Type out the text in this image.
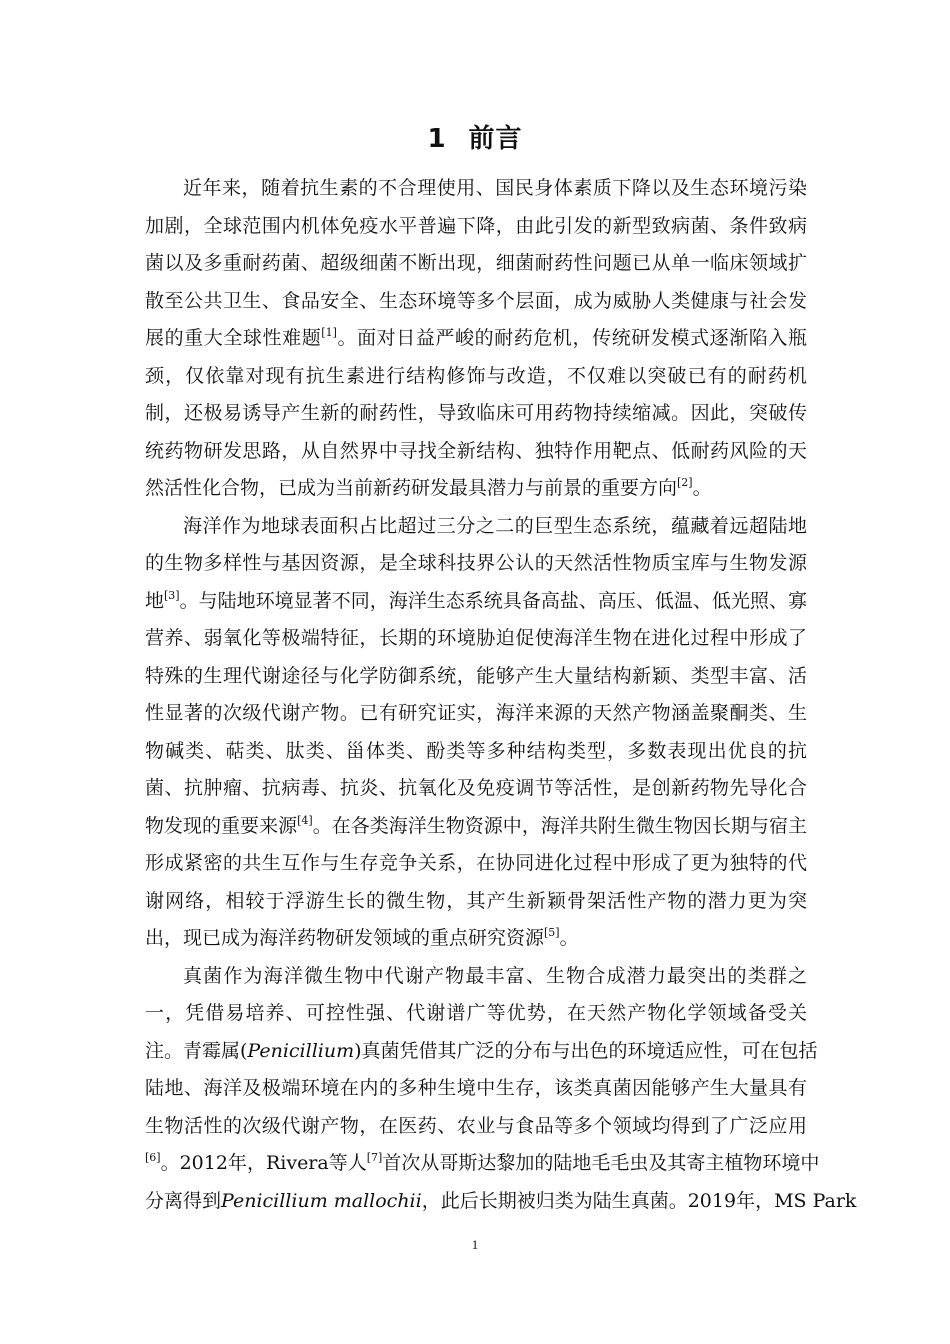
1 前言
近年来，随着抗生素的不合理使用、国民身体素质下降以及生态环境污染
加剧，全球范围内机体免疫水平普遍下降，由此引发的新型致病菌、条件致病
菌以及多重耐药菌、超级细菌不断出现，细菌耐药性问题已从单一临床领域扩
散至公共卫生、食品安全、生态环境等多个层面，成为威胁人类健康与社会发
展的重大全球性难题[1]。面对日益严峻的耐药危机，传统研发模式逐渐陷入瓶
颈，仅依靠对现有抗生素进行结构修饰与改造，不仅难以突破已有的耐药机
制，还极易诱导产生新的耐药性，导致临床可用药物持续缩减。因此，突破传
统药物研发思路，从自然界中寻找全新结构、独特作用靶点、低耐药风险的天
然活性化合物，已成为当前新药研发最具潜力与前景的重要方向[2]。
海洋作为地球表面积占比超过三分之二的巨型生态系统，蕴藏着远超陆地
的生物多样性与基因资源，是全球科技界公认的天然活性物质宝库与生物发源
地[3]。与陆地环境显著不同，海洋生态系统具备高盐、高压、低温、低光照、寡
营养、弱氧化等极端特征，长期的环境胁迫促使海洋生物在进化过程中形成了
特殊的生理代谢途径与化学防御系统，能够产生大量结构新颖、类型丰富、活
性显著的次级代谢产物。已有研究证实，海洋来源的天然产物涵盖聚酮类、生
物碱类、萜类、肽类、甾体类、酚类等多种结构类型，多数表现出优良的抗
菌、抗肿瘤、抗病毒、抗炎、抗氧化及免疫调节等活性，是创新药物先导化合
物发现的重要来源[4]。在各类海洋生物资源中，海洋共附生微生物因长期与宿主
形成紧密的共生互作与生存竞争关系，在协同进化过程中形成了更为独特的代
谢网络，相较于浮游生长的微生物，其产生新颖骨架活性产物的潜力更为突
出，现已成为海洋药物研发领域的重点研究资源[5]。
真菌作为海洋微生物中代谢产物最丰富、生物合成潜力最突出的类群之
一，凭借易培养、可控性强、代谢谱广等优势，在天然产物化学领域备受关
注。青霉属(Penicillium)真菌凭借其广泛的分布与出色的环境适应性，可在包括
陆地、海洋及极端环境在内的多种生境中生存，该类真菌因能够产生大量具有
生物活性的次级代谢产物，在医药、农业与食品等多个领域均得到了广泛应用
[6]。2012年，Rivera等人[7]首次从哥斯达黎加的陆地毛毛虫及其寄主植物环境中
分离得到Penicillium mallochii，此后长期被归类为陆生真菌。2019年，MS Park
1
